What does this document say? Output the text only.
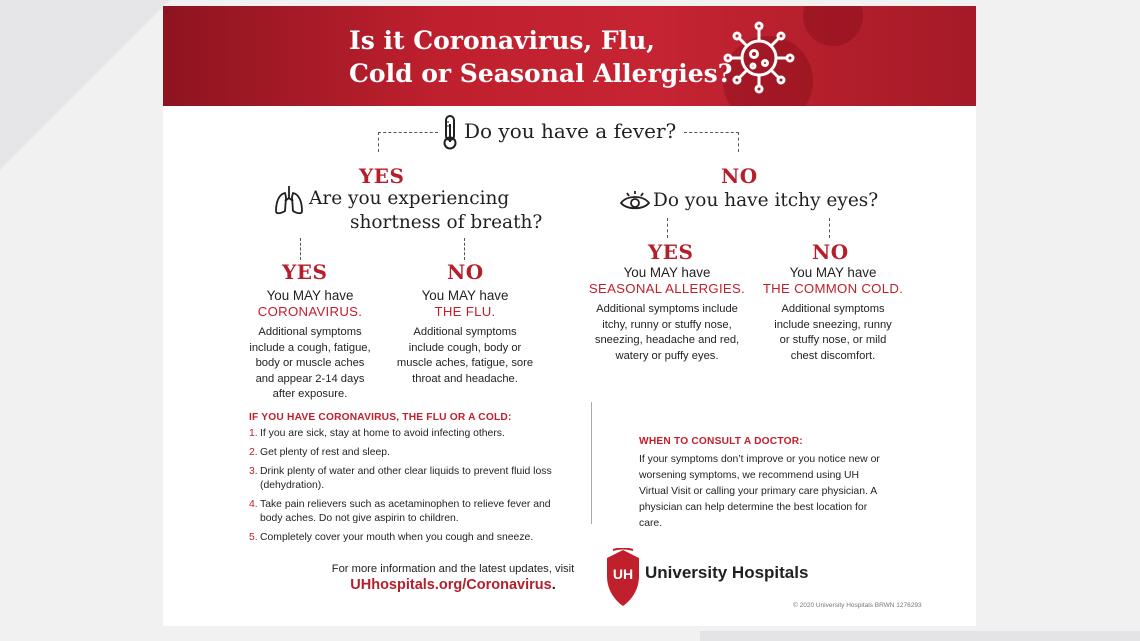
Is it Coronavirus, Flu,
Cold or Seasonal Allergies?
Do you have a fever?
YES
Are you experiencing
shortness of breath?
YES
You MAY have
CORONAVIRUS.
Additional symptoms
include a cough, fatigue,
body or muscle aches
and appear 2-14 days
after exposure.
NO
You MAY have
THE FLU.
Additional symptoms
include cough, body or
muscle aches, fatigue, sore
throat and headache.
NO
Do you have itchy eyes?
YES
You MAY have
SEASONAL ALLERGIES.
Additional symptoms include
itchy, runny or stuffy nose,
sneezing, headache and red,
watery or puffy eyes.
NO
You MAY have
THE COMMON COLD.
Additional symptoms
include sneezing, runny
or stuffy nose, or mild
chest discomfort.
IF YOU HAVE CORONAVIRUS, THE FLU OR A COLD:
1. If you are sick, stay at home to avoid infecting others.
2. Get plenty of rest and sleep.
3. Drink plenty of water and other clear liquids to prevent fluid loss (dehydration).
4. Take pain relievers such as acetaminophen to relieve fever and body aches. Do not give aspirin to children.
5. Completely cover your mouth when you cough and sneeze.
WHEN TO CONSULT A DOCTOR:
If your symptoms don’t improve or you notice new or worsening symptoms, we recommend using UH Virtual Visit or calling your primary care physician. A physician can help determine the best location for care.
For more information and the latest updates, visit
UHhospitals.org/Coronavirus.
UH University Hospitals
© 2020 University Hospitals BRWN 1276293
